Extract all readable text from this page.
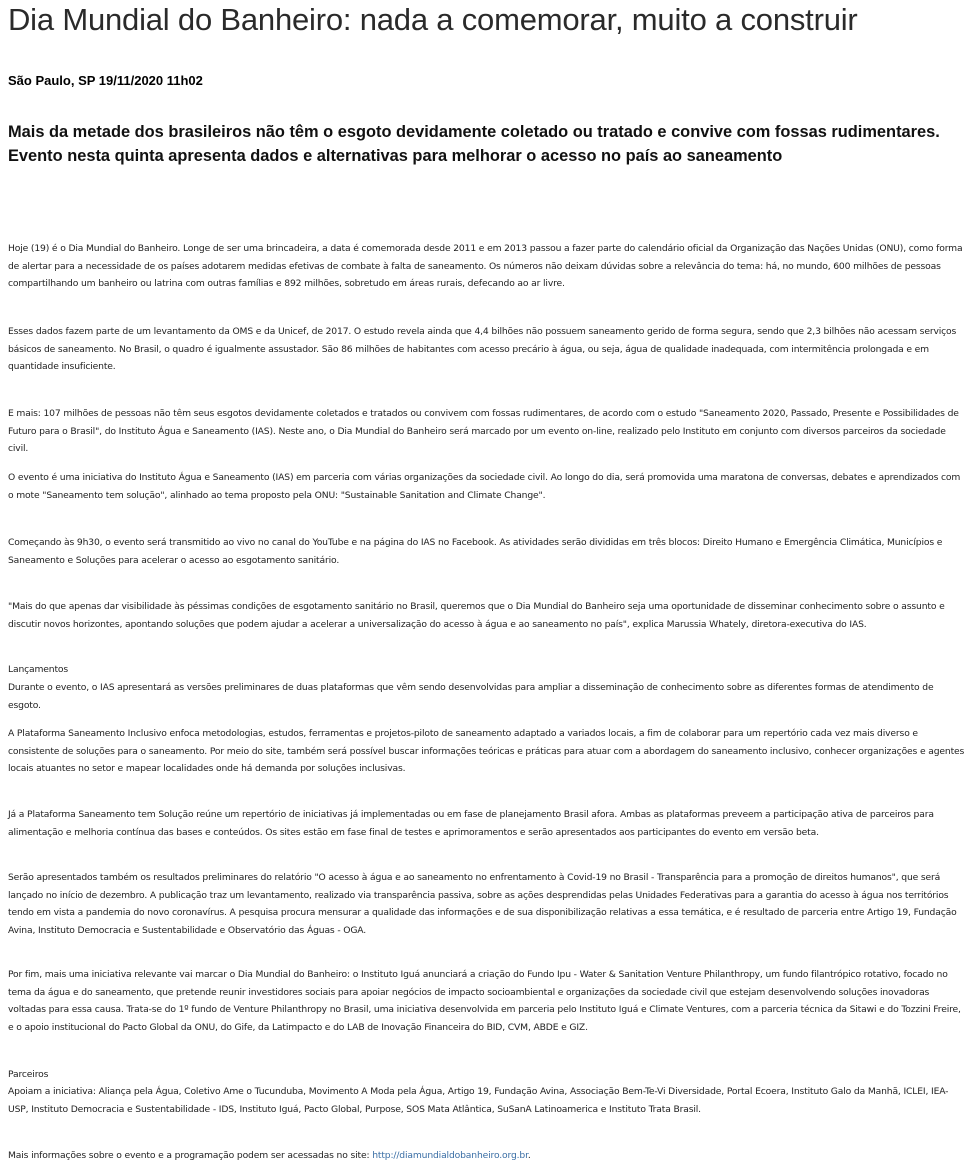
Dia Mundial do Banheiro: nada a comemorar, muito a construir
São Paulo, SP 19/11/2020 11h02

Mais da metade dos brasileiros não têm o esgoto devidamente coletado ou tratado e convive com fossas rudimentares. Evento nesta quinta apresenta dados e alternativas para melhorar o acesso no país ao saneamento

Hoje (19) é o Dia Mundial do Banheiro. Longe de ser uma brincadeira, a data é comemorada desde 2011 e em 2013 passou a fazer parte do calendário oficial da Organização das Nações Unidas (ONU), como forma de alertar para a necessidade de os países adotarem medidas efetivas de combate à falta de saneamento. Os números não deixam dúvidas sobre a relevância do tema: há, no mundo, 600 milhões de pessoas compartilhando um banheiro ou latrina com outras famílias e 892 milhões, sobretudo em áreas rurais, defecando ao ar livre.

Esses dados fazem parte de um levantamento da OMS e da Unicef, de 2017. O estudo revela ainda que 4,4 bilhões não possuem saneamento gerido de forma segura, sendo que 2,3 bilhões não acessam serviços básicos de saneamento. No Brasil, o quadro é igualmente assustador. São 86 milhões de habitantes com acesso precário à água, ou seja, água de qualidade inadequada, com intermitência prolongada e em quantidade insuficiente.

E mais: 107 milhões de pessoas não têm seus esgotos devidamente coletados e tratados ou convivem com fossas rudimentares, de acordo com o estudo "Saneamento 2020, Passado, Presente e Possibilidades de Futuro para o Brasil", do Instituto Água e Saneamento (IAS). Neste ano, o Dia Mundial do Banheiro será marcado por um evento on-line, realizado pelo Instituto em conjunto com diversos parceiros da sociedade civil.

O evento é uma iniciativa do Instituto Água e Saneamento (IAS) em parceria com várias organizações da sociedade civil. Ao longo do dia, será promovida uma maratona de conversas, debates e aprendizados com o mote "Saneamento tem solução", alinhado ao tema proposto pela ONU: "Sustainable Sanitation and Climate Change".

Começando às 9h30, o evento será transmitido ao vivo no canal do YouTube e na página do IAS no Facebook. As atividades serão divididas em três blocos: Direito Humano e Emergência Climática, Municípios e Saneamento e Soluções para acelerar o acesso ao esgotamento sanitário.

"Mais do que apenas dar visibilidade às péssimas condições de esgotamento sanitário no Brasil, queremos que o Dia Mundial do Banheiro seja uma oportunidade de disseminar conhecimento sobre o assunto e discutir novos horizontes, apontando soluções que podem ajudar a acelerar a universalização do acesso à água e ao saneamento no país", explica Marussia Whately, diretora-executiva do IAS.

Lançamentos

Durante o evento, o IAS apresentará as versões preliminares de duas plataformas que vêm sendo desenvolvidas para ampliar a disseminação de conhecimento sobre as diferentes formas de atendimento de esgoto.

A Plataforma Saneamento Inclusivo enfoca metodologias, estudos, ferramentas e projetos-piloto de saneamento adaptado a variados locais, a fim de colaborar para um repertório cada vez mais diverso e consistente de soluções para o saneamento. Por meio do site, também será possível buscar informações teóricas e práticas para atuar com a abordagem do saneamento inclusivo, conhecer organizações e agentes locais atuantes no setor e mapear localidades onde há demanda por soluções inclusivas.

Já a Plataforma Saneamento tem Solução reúne um repertório de iniciativas já implementadas ou em fase de planejamento Brasil afora. Ambas as plataformas preveem a participação ativa de parceiros para alimentação e melhoria contínua das bases e conteúdos. Os sites estão em fase final de testes e aprimoramentos e serão apresentados aos participantes do evento em versão beta.

Serão apresentados também os resultados preliminares do relatório "O acesso à água e ao saneamento no enfrentamento à Covid-19 no Brasil - Transparência para a promoção de direitos humanos", que será lançado no início de dezembro. A publicação traz um levantamento, realizado via transparência passiva, sobre as ações desprendidas pelas Unidades Federativas para a garantia do acesso à água nos territórios tendo em vista a pandemia do novo coronavírus. A pesquisa procura mensurar a qualidade das informações e de sua disponibilização relativas a essa temática, e é resultado de parceria entre Artigo 19, Fundação Avina, Instituto Democracia e Sustentabilidade e Observatório das Águas - OGA.

Por fim, mais uma iniciativa relevante vai marcar o Dia Mundial do Banheiro: o Instituto Iguá anunciará a criação do Fundo Ipu - Water & Sanitation Venture Philanthropy, um fundo filantrópico rotativo, focado no tema da água e do saneamento, que pretende reunir investidores sociais para apoiar negócios de impacto socioambiental e organizações da sociedade civil que estejam desenvolvendo soluções inovadoras voltadas para essa causa. Trata-se do 1º fundo de Venture Philanthropy no Brasil, uma iniciativa desenvolvida em parceria pelo Instituto Iguá e Climate Ventures, com a parceria técnica da Sitawi e do Tozzini Freire, e o apoio institucional do Pacto Global da ONU, do Gife, da Latimpacto e do LAB de Inovação Financeira do BID, CVM, ABDE e GIZ.

Parceiros

Apoiam a iniciativa: Aliança pela Água, Coletivo Ame o Tucunduba, Movimento A Moda pela Água, Artigo 19, Fundação Avina, Associação Bem-Te-Vi Diversidade, Portal Ecoera, Instituto Galo da Manhã, ICLEI, IEA-USP, Instituto Democracia e Sustentabilidade - IDS, Instituto Iguá, Pacto Global, Purpose, SOS Mata Atlântica, SuSanA Latinoamerica e Instituto Trata Brasil.

Mais informações sobre o evento e a programação podem ser acessadas no site: http://diamundialdobanheiro.org.br.
